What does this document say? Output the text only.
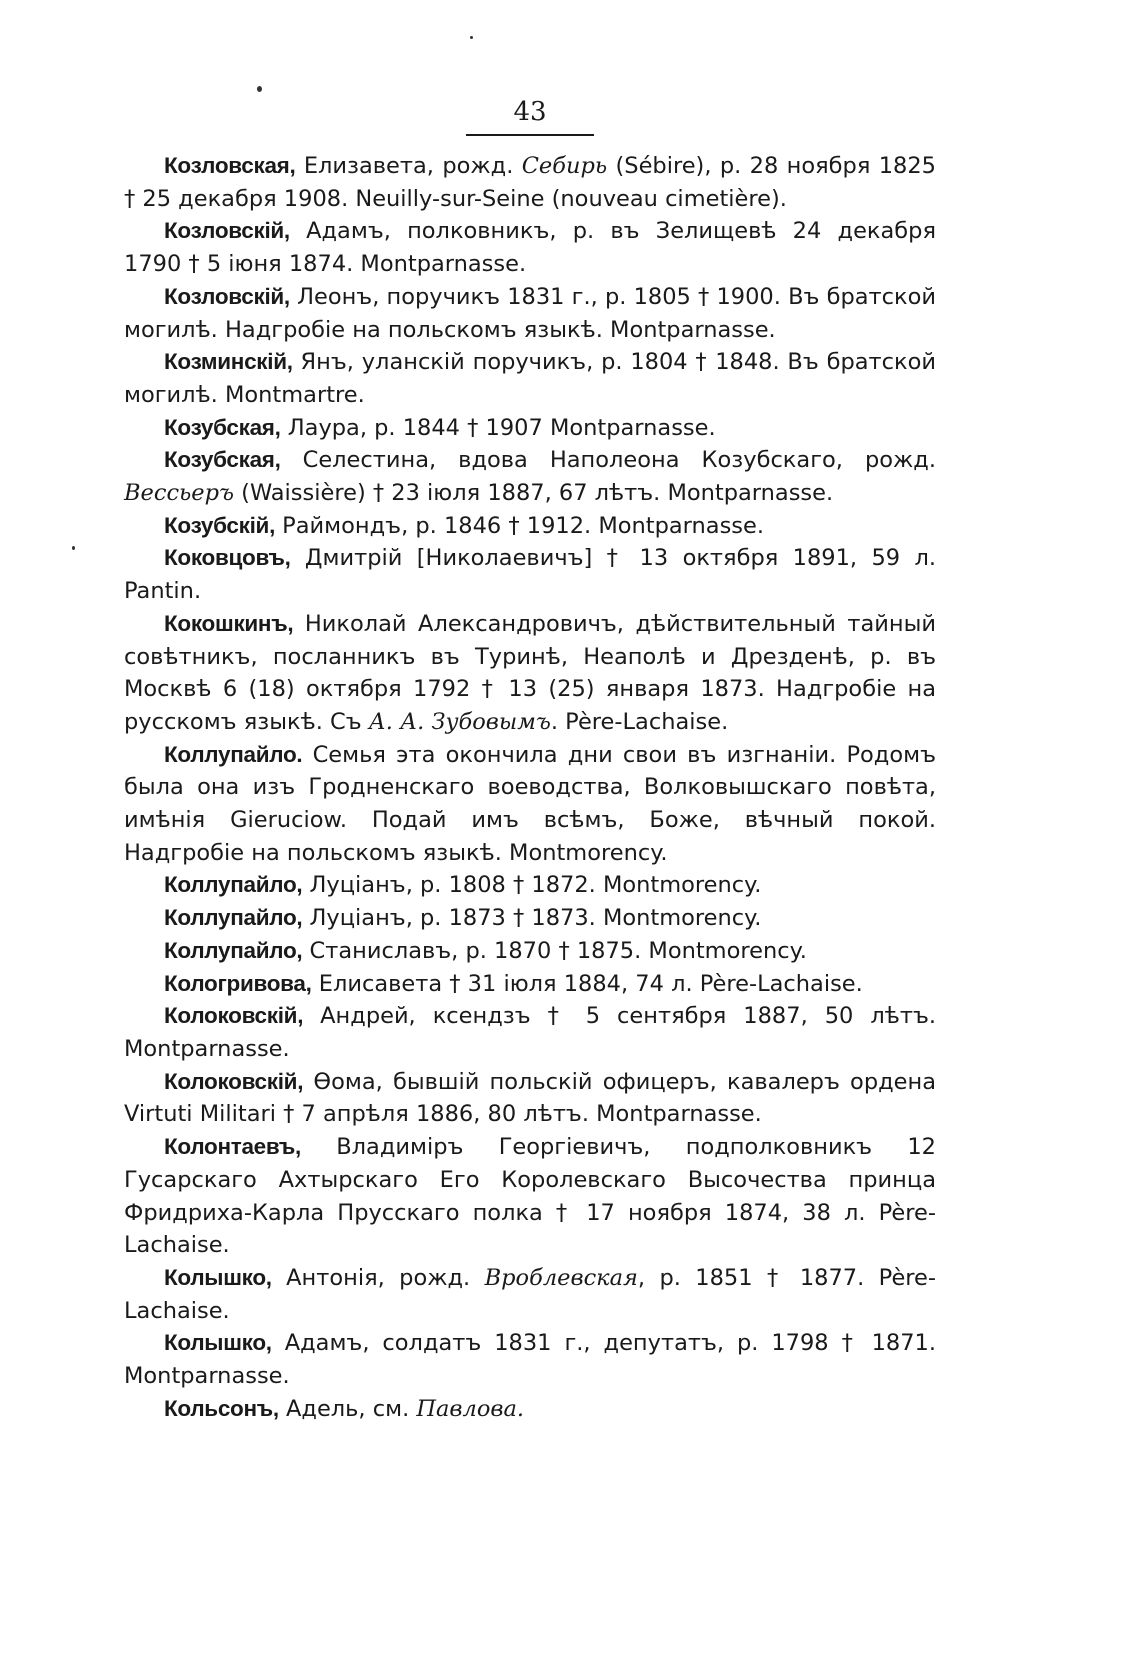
43

Козловская, Елизавета, рожд. Себирь (Sébire), р. 28 ноября 1825 † 25 декабря 1908. Neuilly-sur-Seine (nouveau cimetière).

Козловскій, Адамъ, полковникъ, р. въ Зелищевѣ 24 декабря 1790 † 5 іюня 1874. Montparnasse.

Козловскій, Леонъ, поручикъ 1831 г., р. 1805 † 1900. Въ братской могилѣ. Надгробіе на польскомъ языкѣ. Montparnasse.

Козминскій, Янъ, уланскій поручикъ, р. 1804 † 1848. Въ братской могилѣ. Montmartre.

Козубская, Лаура, р. 1844 † 1907 Montparnasse.

Козубская, Селестина, вдова Наполеона Козубскаго, рожд. Вессьеръ (Waissière) † 23 іюля 1887, 67 лѣтъ. Montparnasse.

Козубскій, Раймондъ, р. 1846 † 1912. Montparnasse.

Коковцовъ, Дмитрій [Николаевичъ] † 13 октября 1891, 59 л. Pantin.

Кокошкинъ, Николай Александровичъ, дѣйствительный тайный совѣтникъ, посланникъ въ Туринѣ, Неаполѣ и Дрезденѣ, р. въ Москвѣ 6 (18) октября 1792 † 13 (25) января 1873. Надгробіе на русскомъ языкѣ. Съ А. А. Зубовымъ. Père-Lachaise.

Коллупайло. Семья эта окончила дни свои въ изгнаніи. Родомъ была она изъ Гродненскаго воеводства, Волковышскаго повѣта, имѣнія Gieruciow. Подай имъ всѣмъ, Боже, вѣчный покой. Надгробіе на польскомъ языкѣ. Montmorency.

Коллупайло, Луціанъ, р. 1808 † 1872. Montmorency.

Коллупайло, Луціанъ, р. 1873 † 1873. Montmorency.

Коллупайло, Станиславъ, р. 1870 † 1875. Montmorency.

Кологривова, Елисавета † 31 іюля 1884, 74 л. Père-Lachaise.

Колоковскій, Андрей, ксендзъ † 5 сентября 1887, 50 лѣтъ. Montparnasse.

Колоковскій, Ѳома, бывшій польскій офицеръ, кавалеръ ордена Virtuti Militari † 7 апрѣля 1886, 80 лѣтъ. Montparnasse.

Колонтаевъ, Владиміръ Георгіевичъ, подполковникъ 12 Гусарскаго Ахтырскаго Его Королевскаго Высочества принца Фридриха-Карла Прусскаго полка † 17 ноября 1874, 38 л. Père-Lachaise.

Колышко, Антонія, рожд. Вроблевская, р. 1851 † 1877. Père-Lachaise.

Колышко, Адамъ, солдатъ 1831 г., депутатъ, р. 1798 † 1871. Montparnasse.

Кольсонъ, Адель, см. Павлова.
